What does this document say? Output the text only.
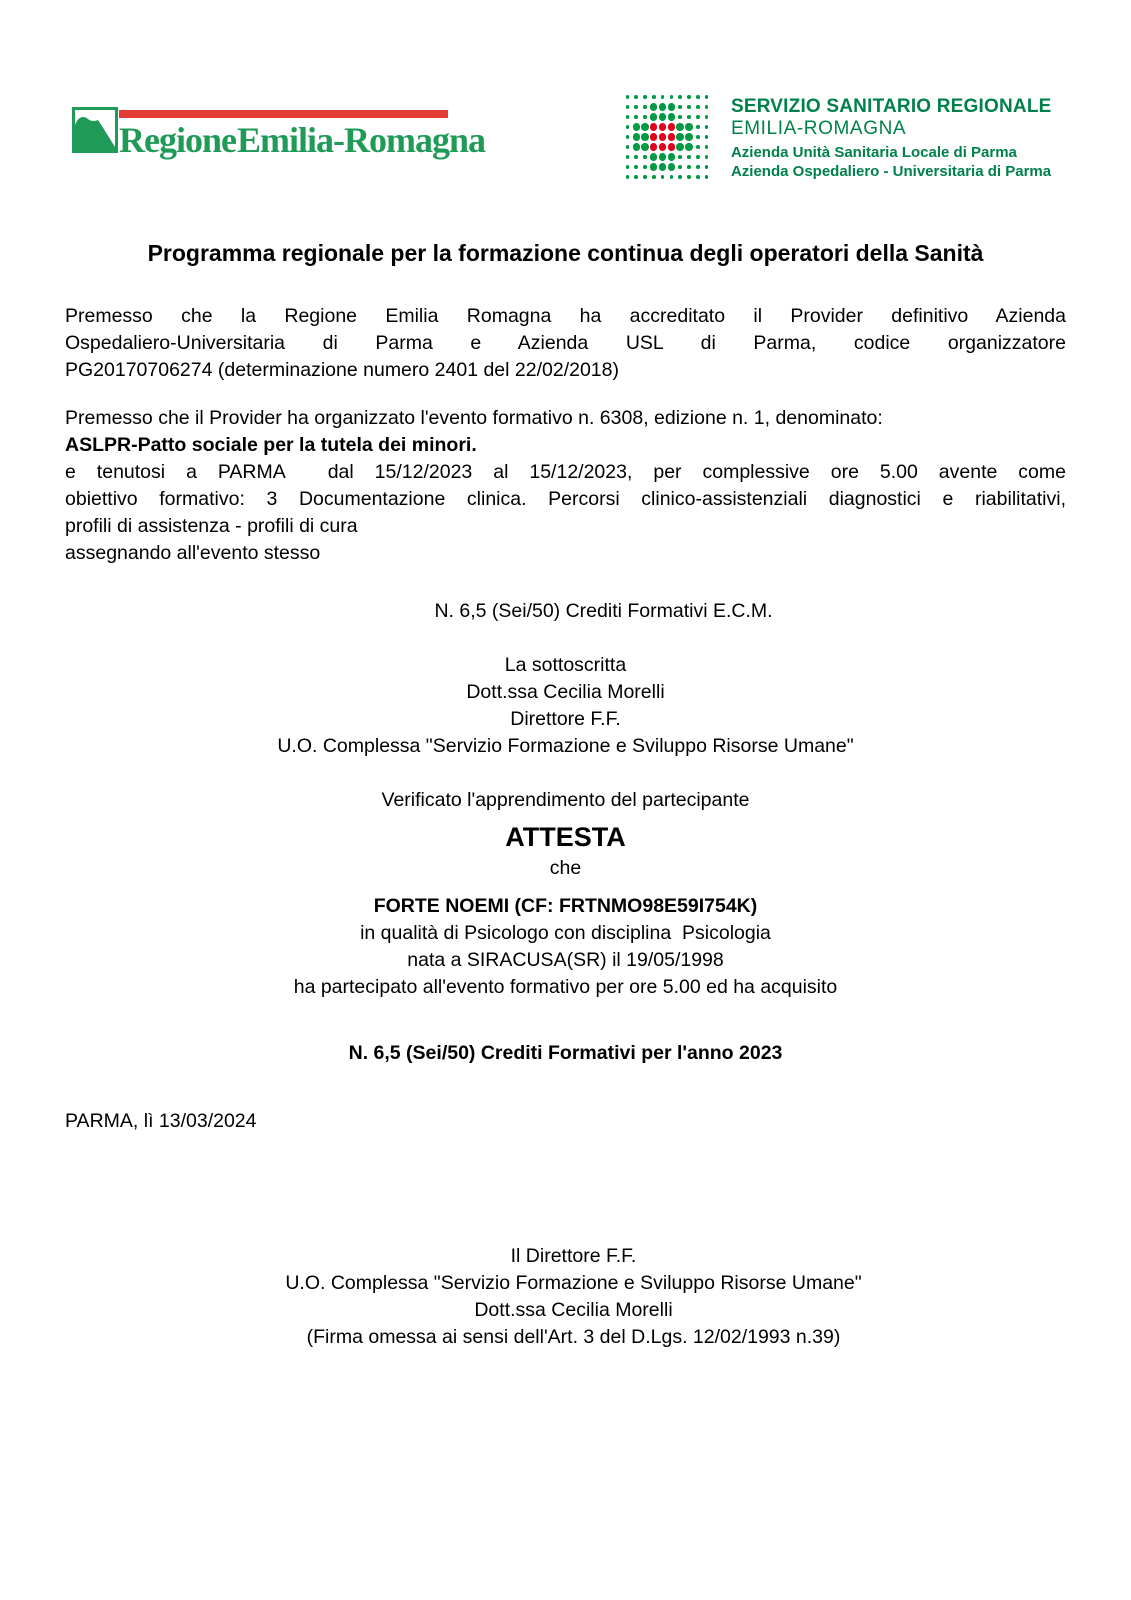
Regione Emilia-Romagna
SERVIZIO SANITARIO REGIONALE
EMILIA-ROMAGNA
Azienda Unità Sanitaria Locale di Parma
Azienda Ospedaliero - Universitaria di Parma
Programma regionale per la formazione continua degli operatori della Sanità
Premesso che la Regione Emilia Romagna ha accreditato il Provider definitivo Azienda
Ospedaliero-Universitaria di Parma e Azienda USL di Parma, codice organizzatore
PG20170706274 (determinazione numero 2401 del 22/02/2018)
Premesso che il Provider ha organizzato l'evento formativo n. 6308, edizione n. 1, denominato:
ASLPR-Patto sociale per la tutela dei minori.
e tenutosi a PARMA  dal 15/12/2023 al 15/12/2023, per complessive ore 5.00 avente come
obiettivo formativo: 3 Documentazione clinica. Percorsi clinico-assistenziali diagnostici e riabilitativi,
profili di assistenza - profili di cura
assegnando all'evento stesso
N. 6,5 (Sei/50) Crediti Formativi E.C.M.
La sottoscritta
Dott.ssa Cecilia Morelli
Direttore F.F.
U.O. Complessa "Servizio Formazione e Sviluppo Risorse Umane"
Verificato l'apprendimento del partecipante
ATTESTA
che
FORTE NOEMI (CF: FRTNMO98E59I754K)
in qualità di Psicologo con disciplina  Psicologia
nata a SIRACUSA(SR) il 19/05/1998
ha partecipato all'evento formativo per ore 5.00 ed ha acquisito
N. 6,5 (Sei/50) Crediti Formativi per l'anno 2023
PARMA, lì 13/03/2024
Il Direttore F.F.
U.O. Complessa "Servizio Formazione e Sviluppo Risorse Umane"
Dott.ssa Cecilia Morelli
(Firma omessa ai sensi dell'Art. 3 del D.Lgs. 12/02/1993 n.39)
